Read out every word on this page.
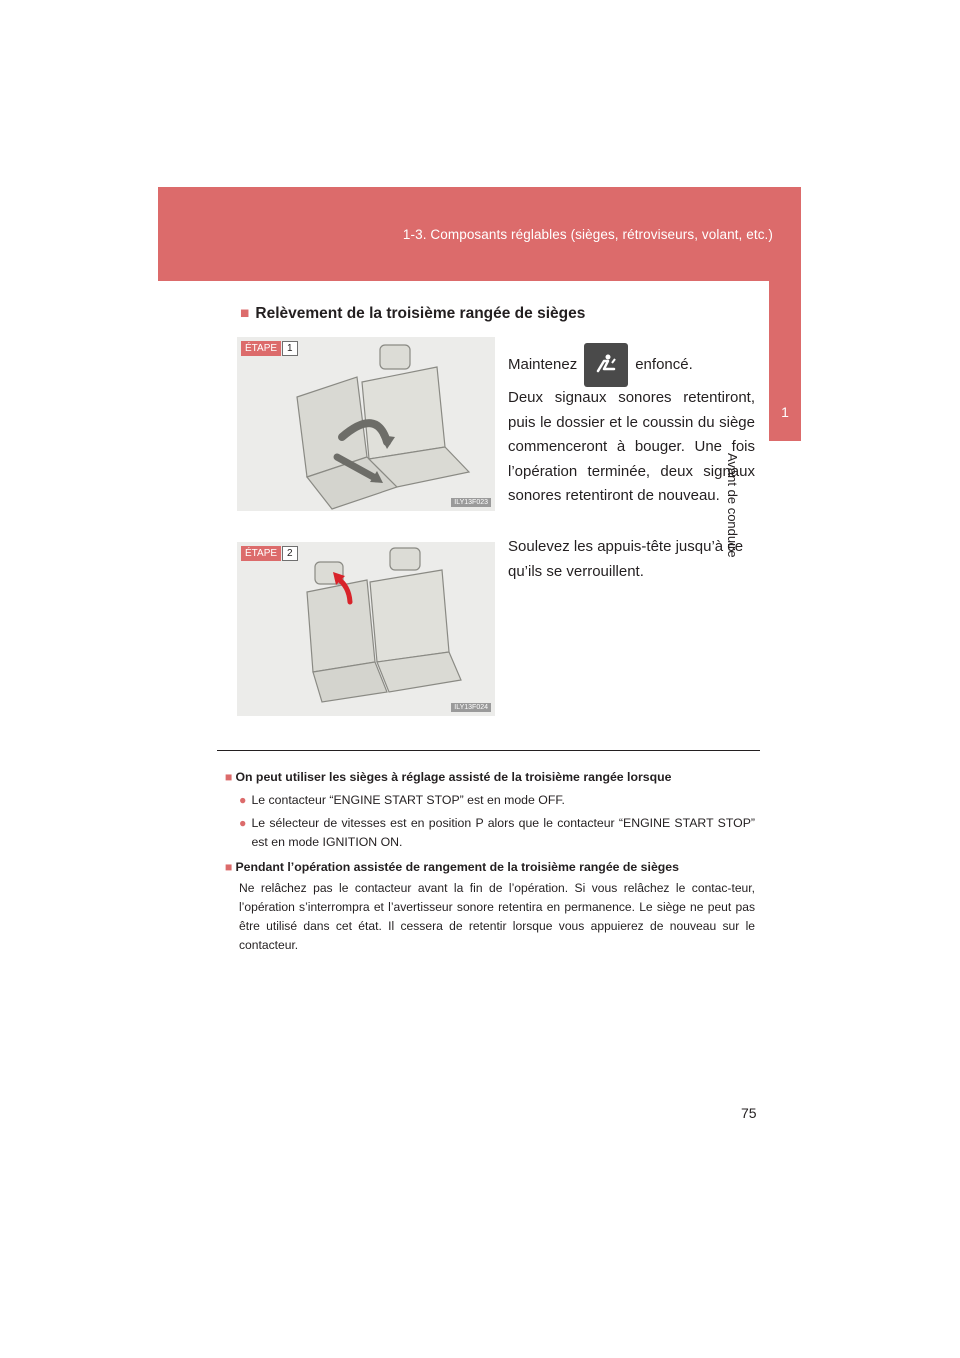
1-3. Composants réglables (sièges, rétroviseurs, volant, etc.)
1
Avant de conduire
■ Relèvement de la troisième rangée de sièges
ÉTAPE	1
ILY13F023
Maintenez	enfoncé.
Deux signaux sonores retentiront, puis le dossier et le coussin du siège commenceront à bouger. Une fois l’opération terminée, deux signaux sonores retentiront de nouveau.
ÉTAPE	2
ILY13F024
Soulevez les appuis-tête jusqu’à ce qu’ils se verrouillent.
■ On peut utiliser les sièges à réglage assisté de la troisième rangée lorsque
● Le contacteur “ENGINE START STOP” est en mode OFF.
● Le sélecteur de vitesses est en position P alors que le contacteur “ENGINE START STOP” est en mode IGNITION ON.
■ Pendant l’opération assistée de rangement de la troisième rangée de sièges
Ne relâchez pas le contacteur avant la fin de l’opération. Si vous relâchez le contac-teur, l’opération s’interrompra et l’avertisseur sonore retentira en permanence. Le siège ne peut pas être utilisé dans cet état. Il cessera de retentir lorsque vous appuierez de nouveau sur le contacteur.
75
